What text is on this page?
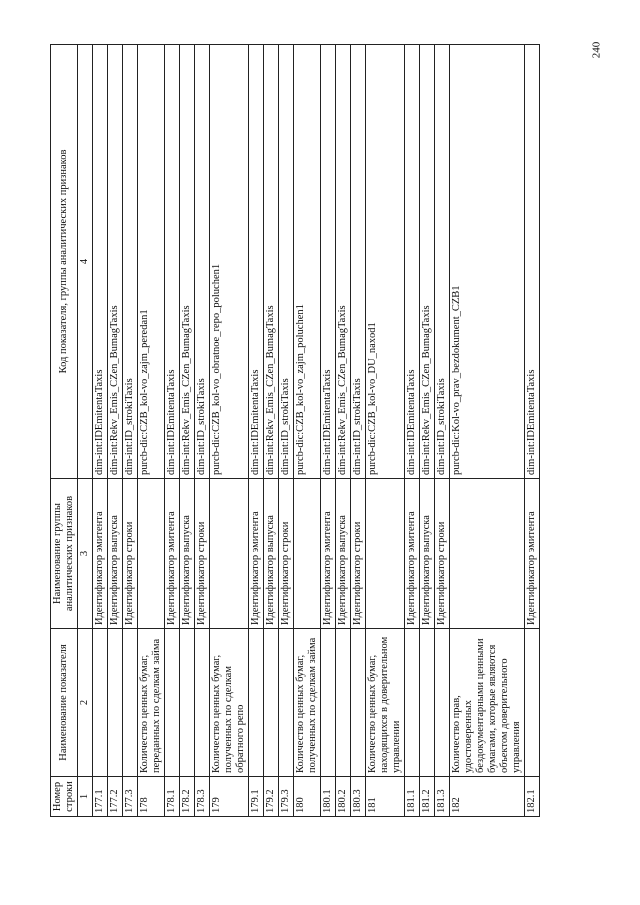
240
Номер строки	Наименование показателя	Наименование группы аналитических признаков	Код показателя, группы аналитических признаков
1	2	3	4
177.1		Идентификатор эмитента	dim-int:IDEmitentaTaxis
177.2		Идентификатор выпуска	dim-int:Rekv_Emis_CZen_BumagTaxis
177.3		Идентификатор строки	dim-int:ID_strokiTaxis
178	Количество ценных бумаг, переданных по сделкам займа		purcb-dic:CZB_kol-vo_zajm_peredan1
178.1		Идентификатор эмитента	dim-int:IDEmitentaTaxis
178.2		Идентификатор выпуска	dim-int:Rekv_Emis_CZen_BumagTaxis
178.3		Идентификатор строки	dim-int:ID_strokiTaxis
179	Количество ценных бумаг, полученных по сделкам обратного репо		purcb-dic:CZB_kol-vo_obratnoe_repo_poluchen1
179.1		Идентификатор эмитента	dim-int:IDEmitentaTaxis
179.2		Идентификатор выпуска	dim-int:Rekv_Emis_CZen_BumagTaxis
179.3		Идентификатор строки	dim-int:ID_strokiTaxis
180	Количество ценных бумаг, полученных по сделкам займа		purcb-dic:CZB_kol-vo_zajm_poluchen1
180.1		Идентификатор эмитента	dim-int:IDEmitentaTaxis
180.2		Идентификатор выпуска	dim-int:Rekv_Emis_CZen_BumagTaxis
180.3		Идентификатор строки	dim-int:ID_strokiTaxis
181	Количество ценных бумаг, находящихся в доверительном управлении		purcb-dic:CZB_kol-vo_DU_naxod1
181.1		Идентификатор эмитента	dim-int:IDEmitentaTaxis
181.2		Идентификатор выпуска	dim-int:Rekv_Emis_CZen_BumagTaxis
181.3		Идентификатор строки	dim-int:ID_strokiTaxis
182	Количество прав, удостоверенных бездокументарными ценными бумагами, которые являются объектом доверительного управления		purcb-dic:Kol-vo_prav_bezdokument_CZB1
182.1		Идентификатор эмитента	dim-int:IDEmitentaTaxis
